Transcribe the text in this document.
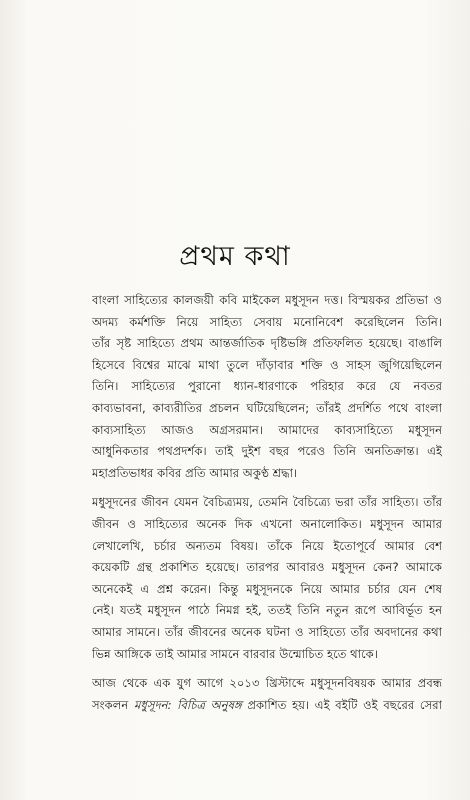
প্রথম কথা

বাংলা সাহিত্যের কালজয়ী কবি মাইকেল মধুসূদন দত্ত। বিস্ময়কর প্রতিভা ও
অদম্য কর্মশক্তি নিয়ে সাহিত্য সেবায় মনোনিবেশ করেছিলেন তিনি।
তাঁর সৃষ্ট সাহিত্যে প্রথম আন্তর্জাতিক দৃষ্টিভঙ্গি প্রতিফলিত হয়েছে। বাঙালি
হিসেবে বিশ্বের মাঝে মাথা তুলে দাঁড়াবার শক্তি ও সাহস জুগিয়েছিলেন
তিনি। সাহিত্যের পুরানো ধ্যান-ধারণাকে পরিহার করে যে নবতর
কাব্যভাবনা, কাব্যরীতির প্রচলন ঘটিয়েছিলেন; তাঁরই প্রদর্শিত পথে বাংলা
কাব্যসাহিত্য আজও অগ্রসরমান। আমাদের কাব্যসাহিত্যে মধুসূদন
আধুনিকতার পথপ্রদর্শক। তাই দুইশ বছর পরেও তিনি অনতিক্রান্ত। এই
মহাপ্রতিভাধর কবির প্রতি আমার অকুণ্ঠ শ্রদ্ধা।

মধুসূদনের জীবন যেমন বৈচিত্র্যময়, তেমনি বৈচিত্র্যে ভরা তাঁর সাহিত্য। তাঁর
জীবন ও সাহিত্যের অনেক দিক এখনো অনালোকিত। মধুসূদন আমার
লেখালেখি, চর্চার অন্যতম বিষয়। তাঁকে নিয়ে ইতোপূর্বে আমার বেশ
কয়েকটি গ্রন্থ প্রকাশিত হয়েছে। তারপর আবারও মধুসূদন কেন? আমাকে
অনেকেই এ প্রশ্ন করেন। কিন্তু মধুসূদনকে নিয়ে আমার চর্চার যেন শেষ
নেই। যতই মধুসূদন পাঠে নিমগ্ন হই, ততই তিনি নতুন রূপে আবির্ভূত হন
আমার সামনে। তাঁর জীবনের অনেক ঘটনা ও সাহিত্যে তাঁর অবদানের কথা
ভিন্ন আঙ্গিকে তাই আমার সামনে বারবার উন্মোচিত হতে থাকে।

আজ থেকে এক যুগ আগে ২০১৩ খ্রিস্টাব্দে মধুসূদনবিষয়ক আমার প্রবন্ধ
সংকলন মধুসূদন: বিচিত্র অনুষঙ্গ প্রকাশিত হয়। এই বইটি ওই বছরের সেরা
